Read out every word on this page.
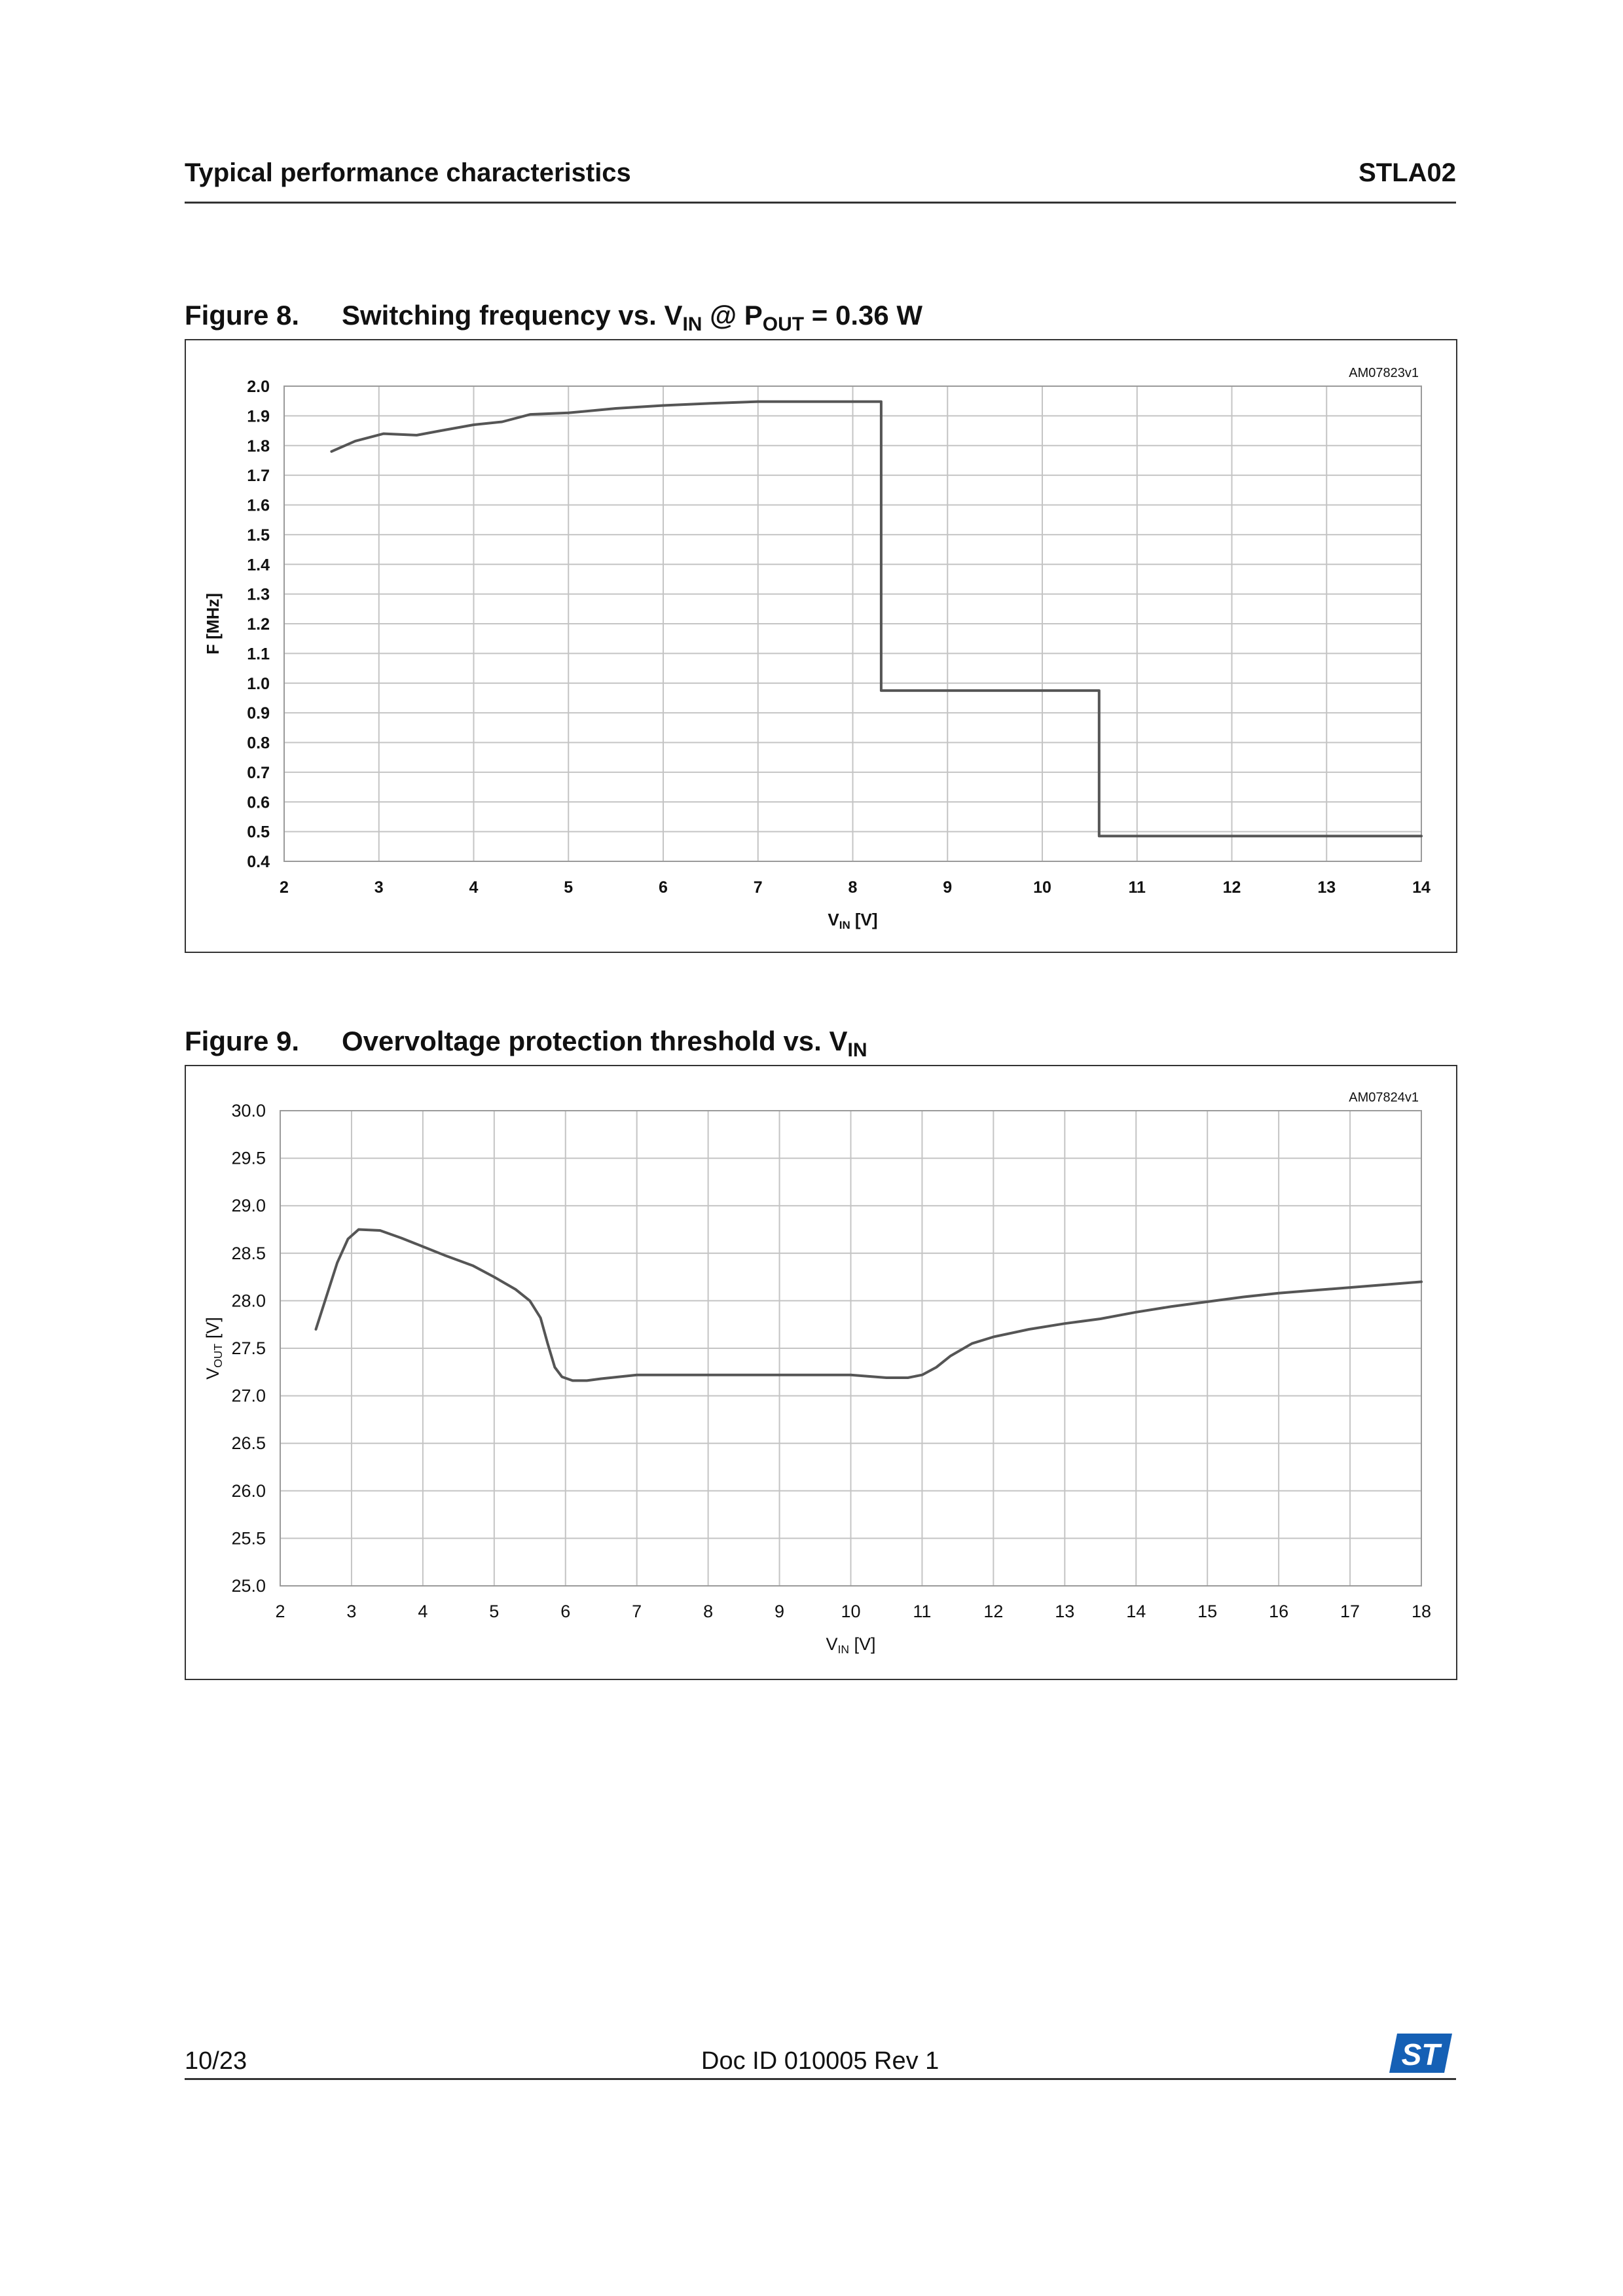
Typical performance characteristics	STLA02
Figure 8. Switching frequency vs. $V_{IN}$ @ $P_{OUT} = 0.36$ W
0.4
0.5
0.6
0.7
0.8
0.9
1.0
1.1
1.2
1.3
1.4
1.5
1.6
1.7
1.8
1.9
2.0
2	3	4	5	6	7	8	9	10	11	12	13	14
VIN [V]
F [MHz]
AM07823v1
Figure 9. Overvoltage protection threshold vs. $V_{IN}$
25.0
25.5
26.0
26.5
27.0
27.5
28.0
28.5
29.0
29.5
30.0
2	3	4	5	6	7	8	9	10	11	12	13	14	15	16	17	18
VIN [V]
VOUT [V]
AM07824v1
10/23	Doc ID 010005 Rev 1	ST
